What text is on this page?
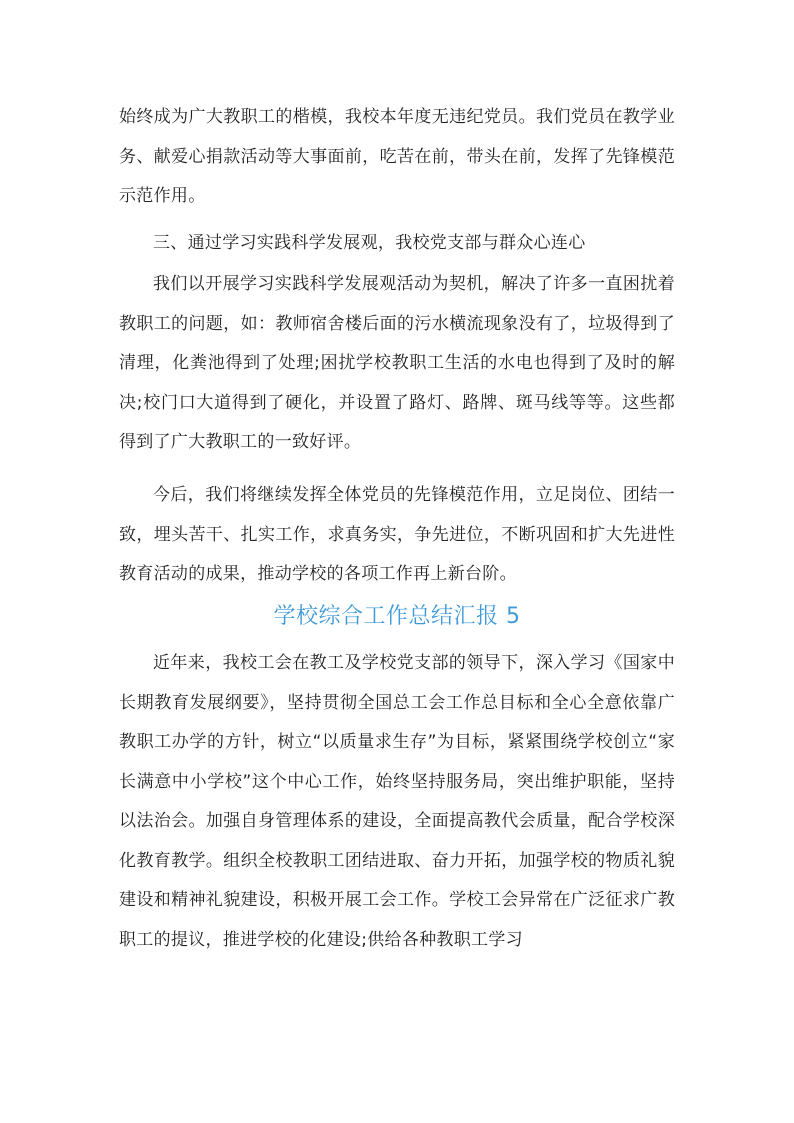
始终成为广大教职工的楷模，我校本年度无违纪党员。我们党员在教学业务、献爱心捐款活动等大事面前，吃苦在前，带头在前，发挥了先锋模范示范作用。

三、通过学习实践科学发展观，我校党支部与群众心连心

我们以开展学习实践科学发展观活动为契机，解决了许多一直困扰着教职工的问题，如：教师宿舍楼后面的污水横流现象没有了，垃圾得到了清理，化粪池得到了处理;困扰学校教职工生活的水电也得到了及时的解决;校门口大道得到了硬化，并设置了路灯、路牌、斑马线等等。这些都得到了广大教职工的一致好评。

今后，我们将继续发挥全体党员的先锋模范作用，立足岗位、团结一致，埋头苦干、扎实工作，求真务实，争先进位，不断巩固和扩大先进性教育活动的成果，推动学校的各项工作再上新台阶。

学校综合工作总结汇报 5

近年来，我校工会在教工及学校党支部的领导下，深入学习《国家中长期教育发展纲要》，坚持贯彻全国总工会工作总目标和全心全意依靠广教职工办学的方针，树立“以质量求生存”为目标，紧紧围绕学校创立“家长满意中小学校”这个中心工作，始终坚持服务局，突出维护职能，坚持以法治会。加强自身管理体系的建设，全面提高教代会质量，配合学校深化教育教学。组织全校教职工团结进取、奋力开拓，加强学校的物质礼貌建设和精神礼貌建设，积极开展工会工作。学校工会异常在广泛征求广教职工的提议，推进学校的化建设;供给各种教职工学习
